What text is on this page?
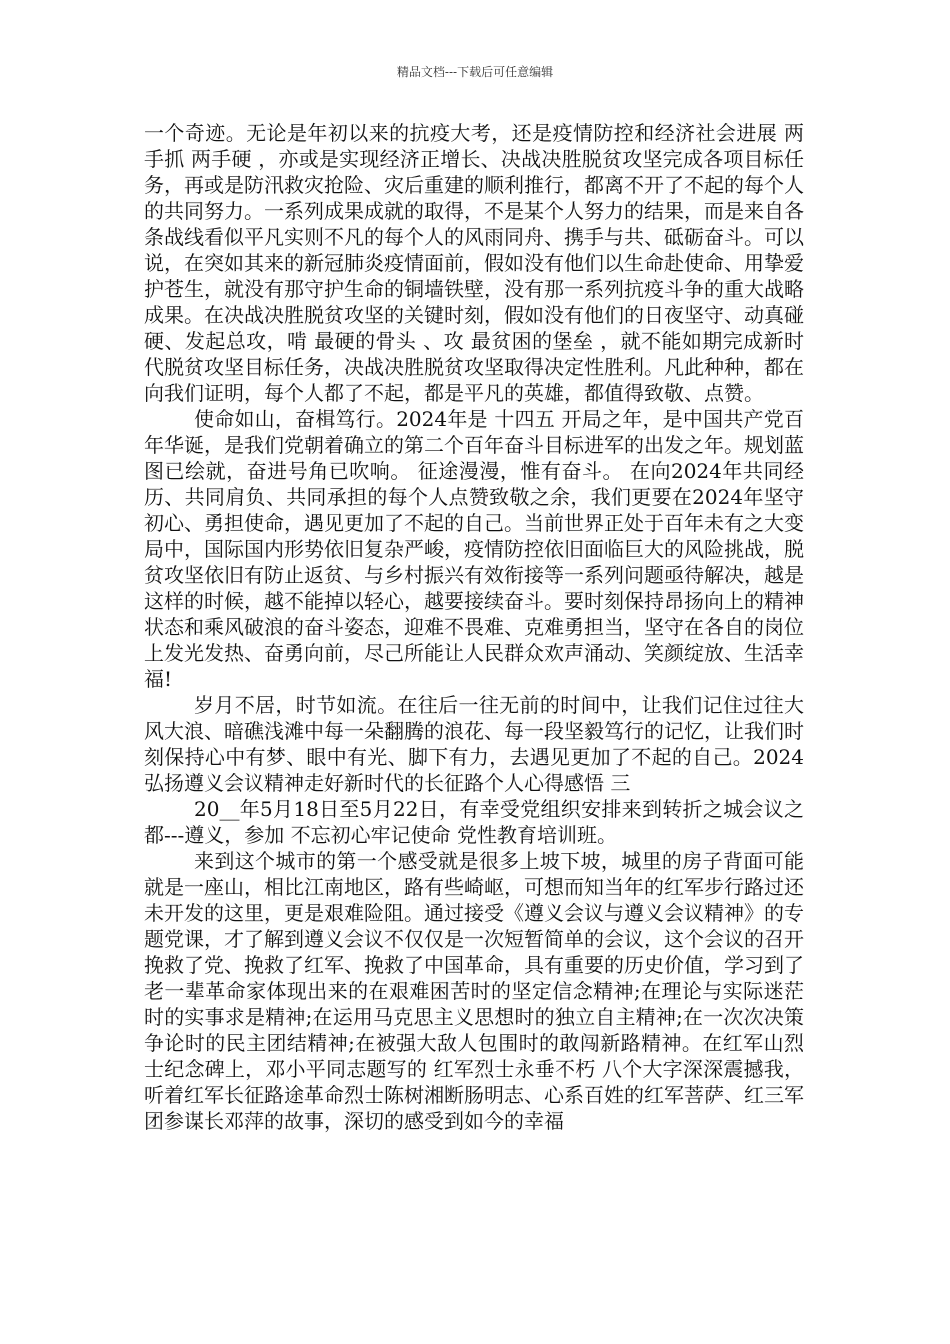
精品文档---下载后可任意编辑

一个奇迹。无论是年初以来的抗疫大考，还是疫情防控和经济社会进展 两手抓 两手硬 ，亦或是实现经济正增长、决战决胜脱贫攻坚完成各项目标任务，再或是防汛救灾抢险、灾后重建的顺利推行，都离不开了不起的每个人的共同努力。一系列成果成就的取得，不是某个人努力的结果，而是来自各条战线看似平凡实则不凡的每个人的风雨同舟、携手与共、砥砺奋斗。可以说，在突如其来的新冠肺炎疫情面前，假如没有他们以生命赴使命、用挚爱护苍生，就没有那守护生命的铜墙铁壁，没有那一系列抗疫斗争的重大战略成果。在决战决胜脱贫攻坚的关键时刻，假如没有他们的日夜坚守、动真碰硬、发起总攻，啃 最硬的骨头 、攻 最贫困的堡垒 ，就不能如期完成新时代脱贫攻坚目标任务，决战决胜脱贫攻坚取得决定性胜利。凡此种种，都在向我们证明，每个人都了不起，都是平凡的英雄，都值得致敬、点赞。

使命如山，奋楫笃行。2024年是 十四五 开局之年，是中国共产党百年华诞，是我们党朝着确立的第二个百年奋斗目标进军的出发之年。规划蓝图已绘就，奋进号角已吹响。 征途漫漫，惟有奋斗。 在向2024年共同经历、共同肩负、共同承担的每个人点赞致敬之余，我们更要在2024年坚守初心、勇担使命，遇见更加了不起的自己。当前世界正处于百年未有之大变局中，国际国内形势依旧复杂严峻，疫情防控依旧面临巨大的风险挑战，脱贫攻坚依旧有防止返贫、与乡村振兴有效衔接等一系列问题亟待解决，越是这样的时候，越不能掉以轻心，越要接续奋斗。要时刻保持昂扬向上的精神状态和乘风破浪的奋斗姿态，迎难不畏难、克难勇担当，坚守在各自的岗位上发光发热、奋勇向前，尽己所能让人民群众欢声涌动、笑颜绽放、生活幸福!

岁月不居，时节如流。在往后一往无前的时间中，让我们记住过往大风大浪、暗礁浅滩中每一朵翻腾的浪花、每一段坚毅笃行的记忆，让我们时刻保持心中有梦、眼中有光、脚下有力，去遇见更加了不起的自己。2024弘扬遵义会议精神走好新时代的长征路个人心得感悟 三

20__年5月18日至5月22日，有幸受党组织安排来到转折之城会议之都---遵义，参加 不忘初心牢记使命 党性教育培训班。

来到这个城市的第一个感受就是很多上坡下坡，城里的房子背面可能就是一座山，相比江南地区，路有些崎岖，可想而知当年的红军步行路过还未开发的这里，更是艰难险阻。通过接受《遵义会议与遵义会议精神》的专题党课，才了解到遵义会议不仅仅是一次短暂简单的会议，这个会议的召开挽救了党、挽救了红军、挽救了中国革命，具有重要的历史价值，学习到了老一辈革命家体现出来的在艰难困苦时的坚定信念精神;在理论与实际迷茫时的实事求是精神;在运用马克思主义思想时的独立自主精神;在一次次决策争论时的民主团结精神;在被强大敌人包围时的敢闯新路精神。在红军山烈士纪念碑上，邓小平同志题写的 红军烈士永垂不朽 八个大字深深震撼我，听着红军长征路途革命烈士陈树湘断肠明志、心系百姓的红军菩萨、红三军团参谋长邓萍的故事，深切的感受到如今的幸福
